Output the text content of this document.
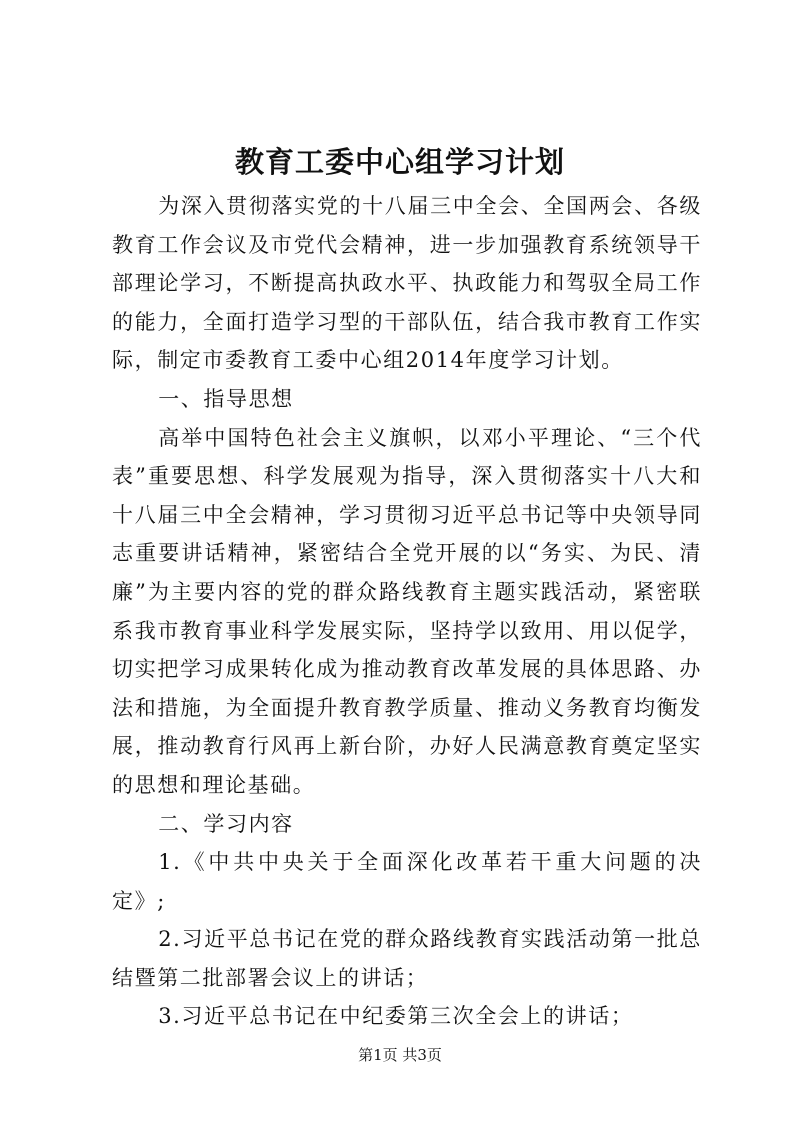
教育工委中心组学习计划

为深入贯彻落实党的十八届三中全会、全国两会、各级教育工作会议及市党代会精神，进一步加强教育系统领导干部理论学习，不断提高执政水平、执政能力和驾驭全局工作的能力，全面打造学习型的干部队伍，结合我市教育工作实际，制定市委教育工委中心组2014年度学习计划。

一、指导思想

高举中国特色社会主义旗帜，以邓小平理论、“三个代表”重要思想、科学发展观为指导，深入贯彻落实十八大和十八届三中全会精神，学习贯彻习近平总书记等中央领导同志重要讲话精神，紧密结合全党开展的以“务实、为民、清廉”为主要内容的党的群众路线教育主题实践活动，紧密联系我市教育事业科学发展实际，坚持学以致用、用以促学，切实把学习成果转化成为推动教育改革发展的具体思路、办法和措施，为全面提升教育教学质量、推动义务教育均衡发展，推动教育行风再上新台阶，办好人民满意教育奠定坚实的思想和理论基础。

二、学习内容

1.《中共中央关于全面深化改革若干重大问题的决定》;

2.习近平总书记在党的群众路线教育实践活动第一批总结暨第二批部署会议上的讲话；

3.习近平总书记在中纪委第三次全会上的讲话；

第1页 共3页
